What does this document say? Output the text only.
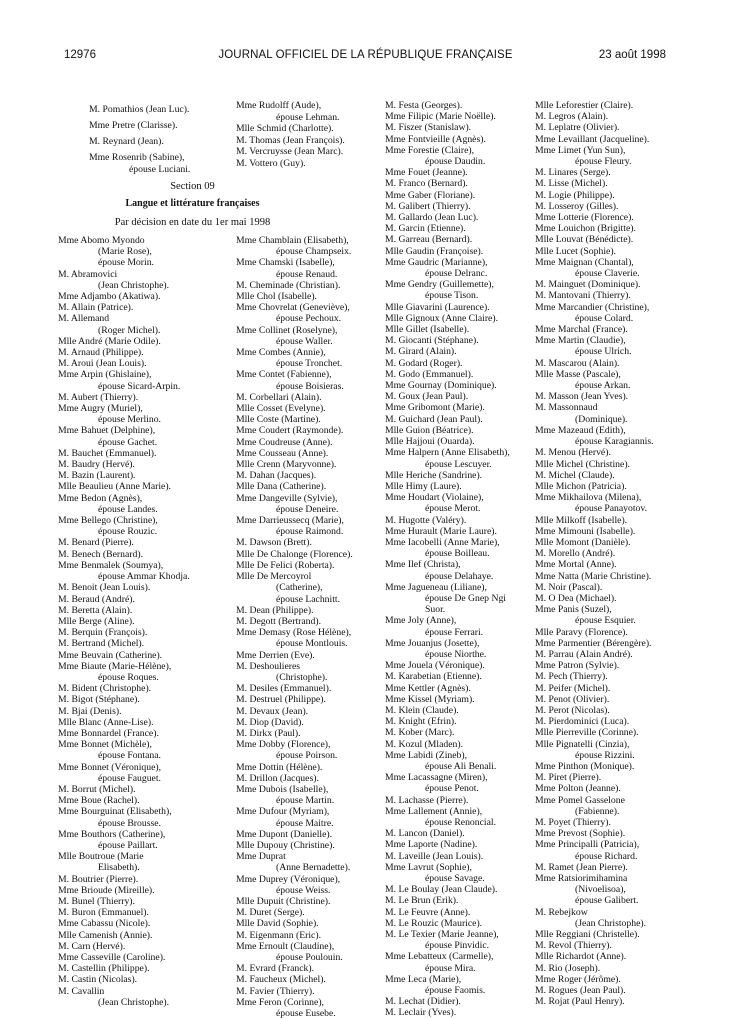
12976	JOURNAL OFFICIEL DE LA RÉPUBLIQUE FRANÇAISE	23 août 1998
M. Pomathios (Jean Luc).
Mme Pretre (Clarisse).
M. Reynard (Jean).
Mme Rosenrib (Sabine),
épouse Luciani.
Mme Rudolff (Aude),
épouse Lehman.
Mlle Schmid (Charlotte).
M. Thomas (Jean François).
M. Vercruysse (Jean Marc).
M. Vottero (Guy).
Section 09
Langue et littérature françaises
Par décision en date du 1er mai 1998
Mme Abomo Myondo
(Marie Rose),
épouse Morin.
M. Abramovici
(Jean Christophe).
Mme Adjambo (Akatiwa).
M. Allain (Patrice).
M. Allemand
(Roger Michel).
Mlle André (Marie Odile).
M. Arnaud (Philippe).
M. Aroui (Jean Louis).
Mme Arpin (Ghislaine),
épouse Sicard-Arpin.
M. Aubert (Thierry).
Mme Augry (Muriel),
épouse Merlino.
Mme Bahuet (Delphine),
épouse Gachet.
M. Bauchet (Emmanuel).
M. Baudry (Hervé).
M. Bazin (Laurent).
Mlle Beaulieu (Anne Marie).
Mme Bedon (Agnès),
épouse Landes.
Mme Bellego (Christine),
épouse Rouzic.
M. Benard (Pierre).
M. Benech (Bernard).
Mme Benmalek (Soumya),
épouse Ammar Khodja.
M. Benoit (Jean Louis).
M. Beraud (André).
M. Beretta (Alain).
Mlle Berge (Aline).
M. Berquin (François).
M. Bertrand (Michel).
Mme Beuvain (Catherine).
Mme Biaute (Marie-Hélène),
épouse Roques.
M. Bident (Christophe).
M. Bigot (Stéphane).
M. Bjai (Denis).
Mlle Blanc (Anne-Lise).
Mme Bonnardel (France).
Mme Bonnet (Michèle),
épouse Fontana.
Mme Bonnet (Véronique),
épouse Fauguet.
M. Borrut (Michel).
Mme Boue (Rachel).
Mme Bourguinat (Elisabeth),
épouse Brousse.
Mme Bouthors (Catherine),
épouse Paillart.
Mlle Boutroue (Marie
Elisabeth).
M. Boutrier (Pierre).
Mme Brioude (Mireille).
M. Bunel (Thierry).
M. Buron (Emmanuel).
Mme Cabassu (Nicole).
Mlle Camenish (Annie).
M. Carn (Hervé).
Mme Casseville (Caroline).
M. Castellin (Philippe).
M. Castin (Nicolas).
M. Cavallin
(Jean Christophe).
Mme Chamblain (Elisabeth),
épouse Champseix.
Mme Chamski (Isabelle),
épouse Renaud.
M. Cheminade (Christian).
Mlle Chol (Isabelle).
Mme Chovrelat (Geneviève),
épouse Pechoux.
Mme Collinet (Roselyne),
épouse Waller.
Mme Combes (Annie),
épouse Tronchet.
Mme Contet (Fabienne),
épouse Boisieras.
M. Corbellari (Alain).
Mlle Cosset (Evelyne).
Mlle Coste (Martine).
Mme Coudert (Raymonde).
Mme Coudreuse (Anne).
Mme Cousseau (Anne).
Mlle Crenn (Maryvonne).
M. Dahan (Jacques).
Mlle Dana (Catherine).
Mme Dangeville (Sylvie),
épouse Deneire.
Mme Darrieussecq (Marie),
épouse Raimond.
M. Dawson (Brett).
Mlle De Chalonge (Florence).
Mlle De Felici (Roberta).
Mlle De Mercoyrol
(Catherine),
épouse Lachnitt.
M. Dean (Philippe).
M. Degott (Bertrand).
Mme Demasy (Rose Hélène),
épouse Montlouis.
Mme Derrien (Eve).
M. Deshoulieres
(Christophe).
M. Desiles (Emmanuel).
M. Destruel (Philippe).
M. Devaux (Jean).
M. Diop (David).
M. Dirkx (Paul).
Mme Dobby (Florence),
épouse Poirson.
Mme Dottin (Hélène).
M. Drillon (Jacques).
Mme Dubois (Isabelle),
épouse Martin.
Mme Dufour (Myriam),
épouse Maitre.
Mme Dupont (Danielle).
Mlle Dupouy (Christine).
Mme Duprat
(Anne Bernadette).
Mme Duprey (Véronique),
épouse Weiss.
Mlle Dupuit (Christine).
M. Duret (Serge).
Mlle David (Sophie).
M. Eigenmann (Eric).
Mme Ernoult (Claudine),
épouse Poulouin.
M. Evrard (Franck).
M. Faucheux (Michel).
M. Favier (Thierry).
Mme Feron (Corinne),
épouse Eusebe.
M. Festa (Georges).
Mme Filipic (Marie Noëlle).
M. Fiszer (Stanislaw).
Mme Fontvieille (Agnès).
Mme Forestie (Claire),
épouse Daudin.
Mme Fouet (Jeanne).
M. Franco (Bernard).
Mme Gaber (Floriane).
M. Galibert (Thierry).
M. Gallardo (Jean Luc).
M. Garcin (Etienne).
M. Garreau (Bernard).
Mlle Gaudin (Françoise).
Mme Gaudric (Marianne),
épouse Delranc.
Mme Gendry (Guillemette),
épouse Tison.
Mlle Giavarini (Laurence).
Mlle Gignoux (Anne Claire).
Mlle Gillet (Isabelle).
M. Giocanti (Stéphane).
M. Girard (Alain).
M. Godard (Roger).
M. Godo (Emmanuel).
Mme Gournay (Dominique).
M. Goux (Jean Paul).
Mme Gribomont (Marie).
M. Guichard (Jean Paul).
Mlle Guion (Béatrice).
Mlle Hajjoui (Ouarda).
Mme Halpern (Anne Elisabeth),
épouse Lescuyer.
Mlle Heriche (Sandrine).
Mlle Himy (Laure).
Mme Houdart (Violaine),
épouse Merot.
M. Hugotte (Valéry).
Mme Hurault (Marie Laure).
Mme Iacobelli (Anne Marie),
épouse Boilleau.
Mme Ilef (Christa),
épouse Delahaye.
Mme Jagueneau (Liliane),
épouse De Gnep Ngi
Suor.
Mme Joly (Anne),
épouse Ferrari.
Mme Jouanjus (Josette),
épouse Niorthe.
Mme Jouela (Véronique).
M. Karabetian (Etienne).
Mme Kettler (Agnès).
Mme Kissel (Myriam).
M. Klein (Claude).
M. Knight (Efrin).
M. Kober (Marc).
M. Kozul (Mladen).
Mme Labidi (Zineb),
épouse Ali Benali.
Mme Lacassagne (Miren),
épouse Penot.
M. Lachasse (Pierre).
Mme Lallement (Annie),
épouse Renoncial.
M. Lancon (Daniel).
Mme Laporte (Nadine).
M. Laveille (Jean Louis).
Mme Lavrut (Sophie),
épouse Savage.
M. Le Boulay (Jean Claude).
M. Le Brun (Erik).
M. Le Feuvre (Anne).
M. Le Rouzic (Maurice).
M. Le Texier (Marie Jeanne),
épouse Pinvidic.
Mme Lebatteux (Carmelle),
épouse Mira.
Mme Leca (Marie),
épouse Faomis.
M. Lechat (Didier).
M. Leclair (Yves).
Mlle Leforestier (Claire).
M. Legros (Alain).
M. Leplatre (Olivier).
Mme Levaillant (Jacqueline).
Mme Limet (Yun Sun),
épouse Fleury.
M. Linares (Serge).
M. Lisse (Michel).
M. Logie (Philippe).
M. Losseroy (Gilles).
Mme Lotterie (Florence).
Mme Louichon (Brigitte).
Mlle Louvat (Bénédicte).
Mlle Lucet (Sophie).
Mme Maignan (Chantal),
épouse Claverie.
M. Mainguet (Dominique).
M. Mantovani (Thierry).
Mme Marcandier (Christine),
épouse Colard.
Mme Marchal (France).
Mme Martin (Claudie),
épouse Ulrich.
M. Mascarou (Alain).
Mlle Masse (Pascale),
épouse Arkan.
M. Masson (Jean Yves).
M. Massonnaud
(Dominique).
Mme Mazeaud (Edith),
épouse Karagiannis.
M. Menou (Hervé).
Mlle Michel (Christine).
M. Michel (Claude).
Mlle Michon (Patricia).
Mme Mikhailova (Milena),
épouse Panayotov.
Mlle Milkoff (Isabelle).
Mme Mimouni (Isabelle).
Mlle Momont (Danièle).
M. Morello (André).
Mme Mortal (Anne).
Mme Natta (Marie Christine).
M. Noir (Pascal).
M. O Dea (Michael).
Mme Panis (Suzel),
épouse Esquier.
Mlle Paravy (Florence).
Mme Parmentier (Bérengère).
M. Parrau (Alain André).
Mme Patron (Sylvie).
M. Pech (Thierry).
M. Peifer (Michel).
M. Penot (Olivier).
M. Perot (Nicolas).
M. Pierdominici (Luca).
Mlle Pierreville (Corinne).
Mlle Pignatelli (Cinzia),
épouse Rizzini.
Mme Pinthon (Monique).
M. Piret (Pierre).
Mme Polton (Jeanne).
Mme Pomel Gasselone
(Fabienne).
M. Poyet (Thierry).
Mme Prevost (Sophie).
Mme Principalli (Patricia),
épouse Richard.
M. Ramet (Jean Pierre).
Mme Ratsiorimihamina
(Nivoelisoa),
épouse Galibert.
M. Rebejkow
(Jean Christophe).
Mlle Reggiani (Christelle).
M. Revol (Thierry).
Mlle Richardot (Anne).
M. Rio (Joseph).
Mme Roger (Jérôme).
M. Rogues (Jean Paul).
M. Rojat (Paul Henry).
